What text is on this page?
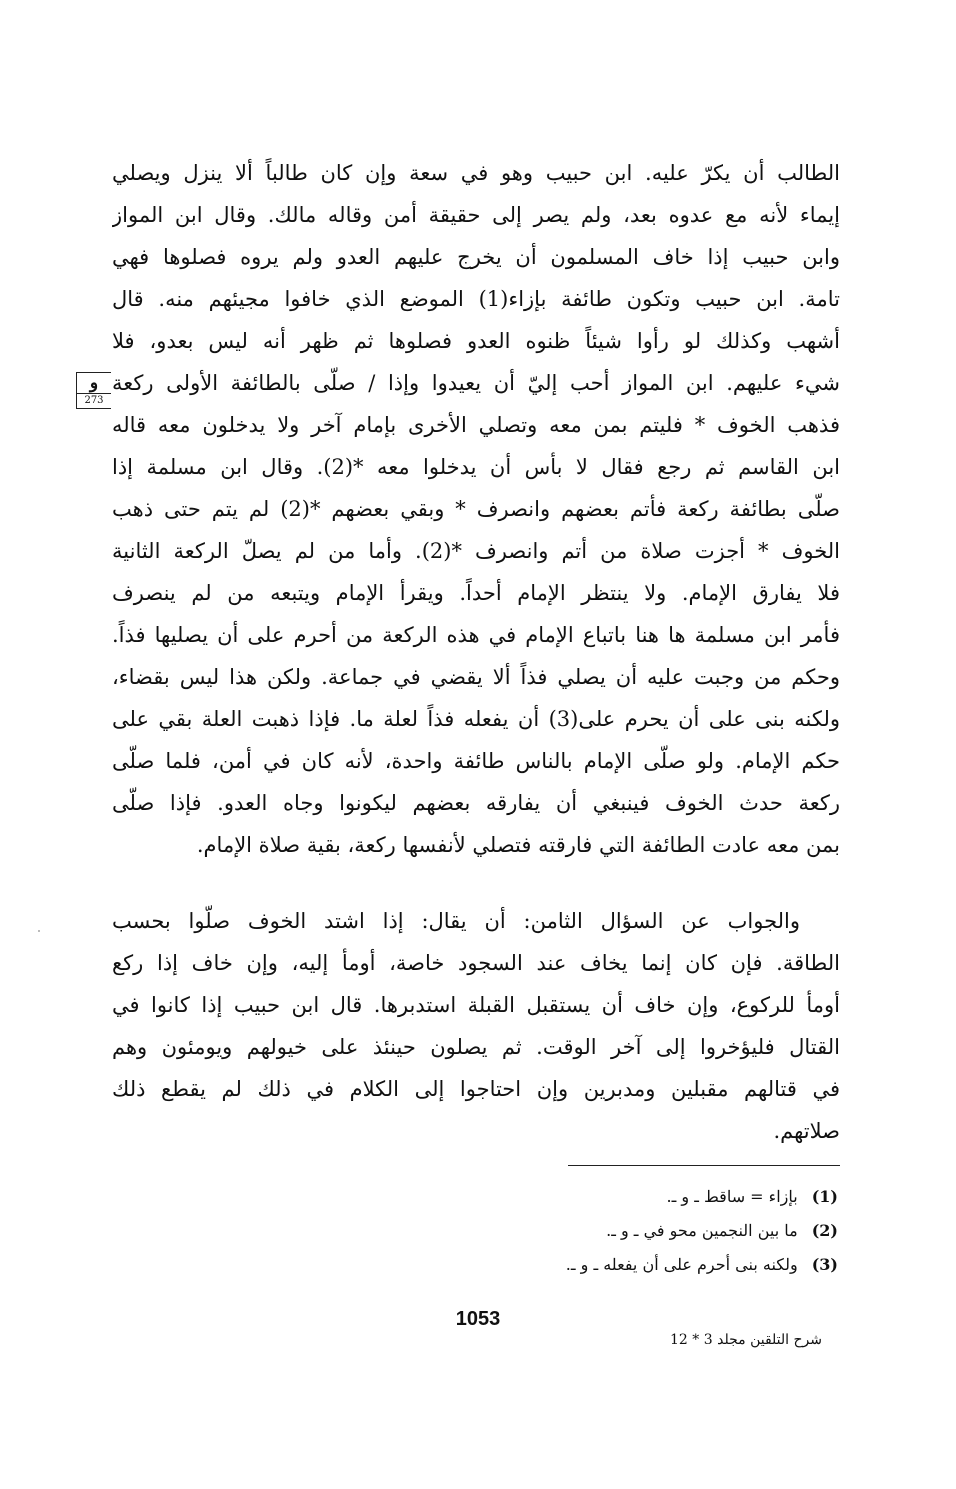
الطالب أن يكرّ عليه. ابن حبيب وهو في سعة وإن كان طالباً ألا ينزل ويصلي
إيماء لأنه مع عدوه بعد، ولم يصر إلى حقيقة أمن وقاله مالك. وقال ابن المواز
وابن حبيب إذا خاف المسلمون أن يخرج عليهم العدو ولم يروه فصلوها فهي
تامة. ابن حبيب وتكون طائفة بإزاء(1) الموضع الذي خافوا مجيئهم منه. قال
أشهب وكذلك لو رأوا شيئاً ظنوه العدو فصلوها ثم ظهر أنه ليس بعدو، فلا
شيء عليهم. ابن المواز أحب إليّ أن يعيدوا وإذا / صلّى بالطائفة الأولى ركعة
فذهب الخوف * فليتم بمن معه وتصلي الأخرى بإمام آخر ولا يدخلون معه قاله
ابن القاسم ثم رجع فقال لا بأس أن يدخلوا معه *(2). وقال ابن مسلمة إذا
صلّى بطائفة ركعة فأتم بعضهم وانصرف * وبقي بعضهم *(2) لم يتم حتى ذهب
الخوف * أجزت صلاة من أتم وانصرف *(2). وأما من لم يصلّ الركعة الثانية
فلا يفارق الإمام. ولا ينتظر الإمام أحداً. ويقرأ الإمام ويتبعه من لم ينصرف
فأمر ابن مسلمة ها هنا باتباع الإمام في هذه الركعة من أحرم على أن يصليها فذاً.
وحكم من وجبت عليه أن يصلي فذاً ألا يقضي في جماعة. ولكن هذا ليس بقضاء،
ولكنه بنى على أن يحرم على(3) أن يفعله فذاً لعلة ما. فإذا ذهبت العلة بقي على
حكم الإمام. ولو صلّى الإمام بالناس طائفة واحدة، لأنه كان في أمن، فلما صلّى
ركعة حدث الخوف فينبغي أن يفارقه بعضهم ليكونوا وجاه العدو. فإذا صلّى
بمن معه عادت الطائفة التي فارقته فتصلي لأنفسها ركعة، بقية صلاة الإمام.
و
273
والجواب عن السؤال الثامن: أن يقال: إذا اشتد الخوف صلّوا بحسب
الطاقة. فإن كان إنما يخاف عند السجود خاصة، أومأ إليه، وإن خاف إذا ركع
أومأ للركوع، وإن خاف أن يستقبل القبلة استدبرها. قال ابن حبيب إذا كانوا في
القتال فليؤخروا إلى آخر الوقت. ثم يصلون حينئذ على خيولهم ويومئون وهم
في قتالهم مقبلين ومدبرين وإن احتاجوا إلى الكلام في ذلك لم يقطع ذلك
صلاتهم.
(1)بإزاء = ساقط ـ و ـ.
(2)ما بين النجمين محو في ـ و ـ.
(3)ولكنه بنى أحرم على أن يفعله ـ و ـ.
1053
شرح التلقين مجلد 3 * 12
